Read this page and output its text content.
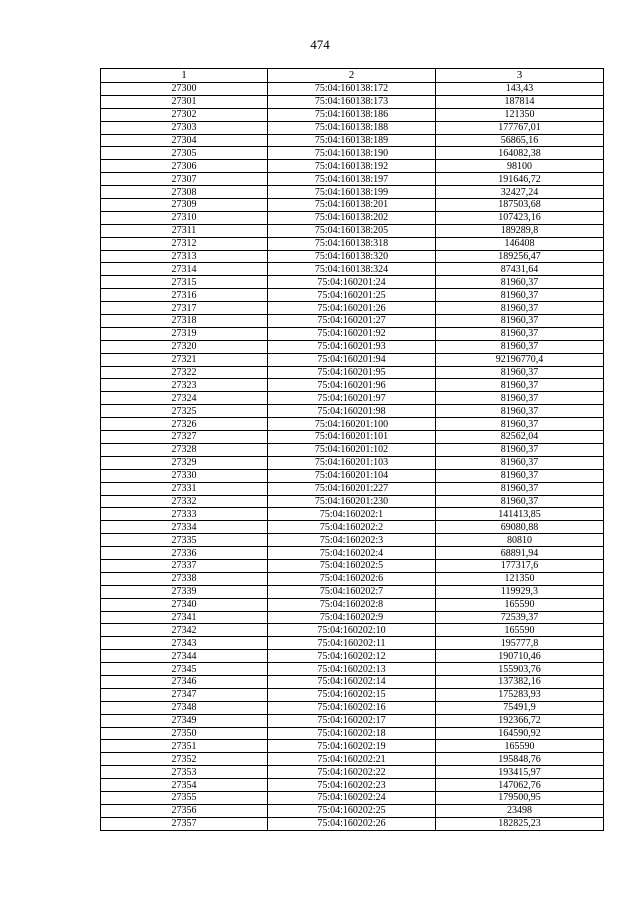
474
1	2	3
27300	75:04:160138:172	143,43
27301	75:04:160138:173	187814
27302	75:04:160138:186	121350
27303	75:04:160138:188	177767,01
27304	75:04:160138:189	56865,16
27305	75:04:160138:190	164082,38
27306	75:04:160138:192	98100
27307	75:04:160138:197	191646,72
27308	75:04:160138:199	32427,24
27309	75:04:160138:201	187503,68
27310	75:04:160138:202	107423,16
27311	75:04:160138:205	189289,8
27312	75:04:160138:318	146408
27313	75:04:160138:320	189256,47
27314	75:04:160138:324	87431,64
27315	75:04:160201:24	81960,37
27316	75:04:160201:25	81960,37
27317	75:04:160201:26	81960,37
27318	75:04:160201:27	81960,37
27319	75:04:160201:92	81960,37
27320	75:04:160201:93	81960,37
27321	75:04:160201:94	92196770,4
27322	75:04:160201:95	81960,37
27323	75:04:160201:96	81960,37
27324	75:04:160201:97	81960,37
27325	75:04:160201:98	81960,37
27326	75:04:160201:100	81960,37
27327	75:04:160201:101	82562,04
27328	75:04:160201:102	81960,37
27329	75:04:160201:103	81960,37
27330	75:04:160201:104	81960,37
27331	75:04:160201:227	81960,37
27332	75:04:160201:230	81960,37
27333	75:04:160202:1	141413,85
27334	75:04:160202:2	69080,88
27335	75:04:160202:3	80810
27336	75:04:160202:4	68891,94
27337	75:04:160202:5	177317,6
27338	75:04:160202:6	121350
27339	75:04:160202:7	119929,3
27340	75:04:160202:8	165590
27341	75:04:160202:9	72539,37
27342	75:04:160202:10	165590
27343	75:04:160202:11	195777,8
27344	75:04:160202:12	190710,46
27345	75:04:160202:13	155903,76
27346	75:04:160202:14	137382,16
27347	75:04:160202:15	175283,93
27348	75:04:160202:16	75491,9
27349	75:04:160202:17	192366,72
27350	75:04:160202:18	164590,92
27351	75:04:160202:19	165590
27352	75:04:160202:21	195848,76
27353	75:04:160202:22	193415,97
27354	75:04:160202:23	147062,76
27355	75:04:160202:24	179500,95
27356	75:04:160202:25	23498
27357	75:04:160202:26	182825,23
